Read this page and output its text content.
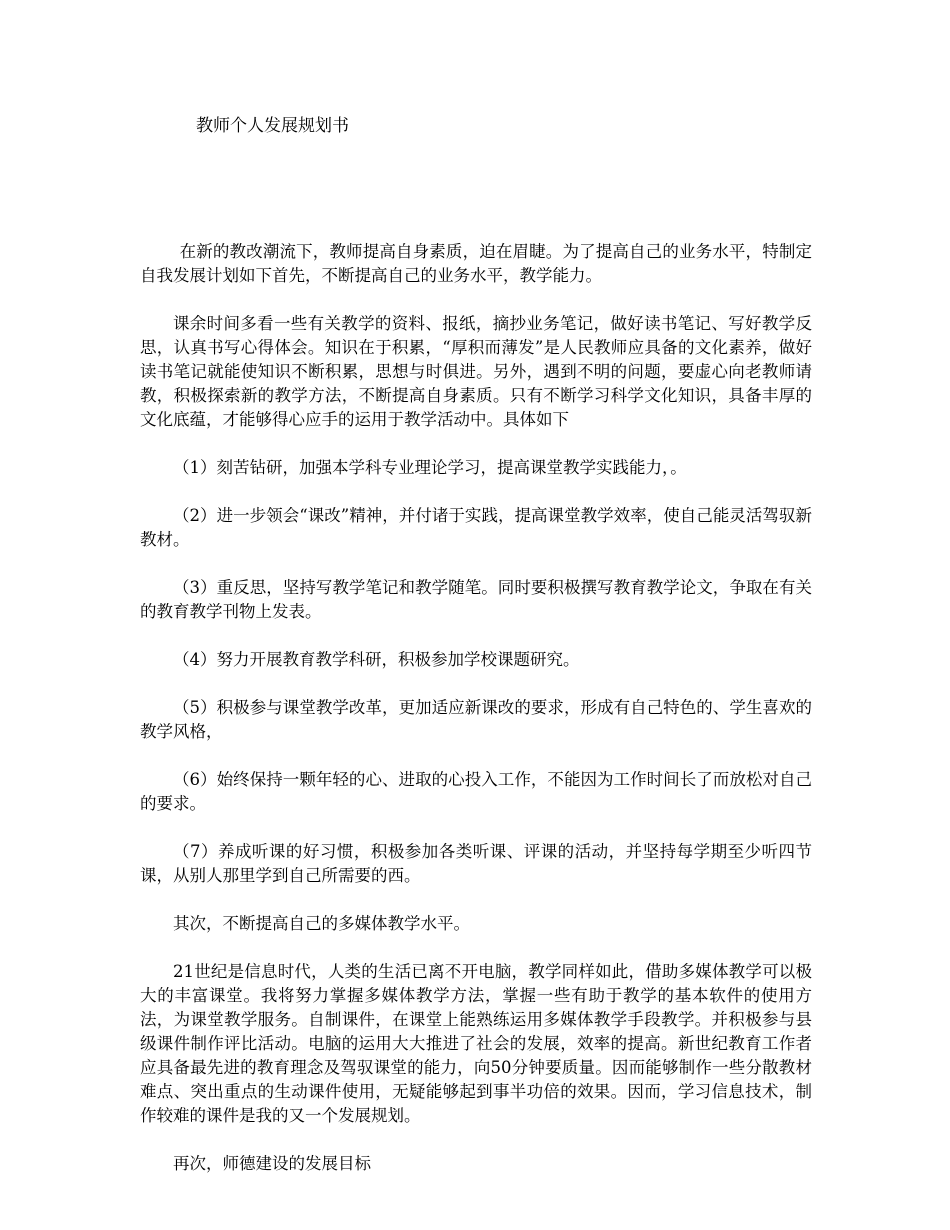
教师个人发展规划书

在新的教改潮流下，教师提高自身素质，迫在眉睫。为了提高自己的业务水平，特制定自我发展计划如下首先，不断提高自己的业务水平，教学能力。

课余时间多看一些有关教学的资料、报纸，摘抄业务笔记，做好读书笔记、写好教学反思，认真书写心得体会。知识在于积累，“厚积而薄发”是人民教师应具备的文化素养，做好读书笔记就能使知识不断积累，思想与时俱进。另外，遇到不明的问题，要虚心向老教师请教，积极探索新的教学方法，不断提高自身素质。只有不断学习科学文化知识，具备丰厚的文化底蕴，才能够得心应手的运用于教学活动中。具体如下

（1）刻苦钻研，加强本学科专业理论学习，提高课堂教学实践能力，。

（2）进一步领会“课改”精神，并付诸于实践，提高课堂教学效率，使自己能灵活驾驭新教材。

（3）重反思，坚持写教学笔记和教学随笔。同时要积极撰写教育教学论文，争取在有关的教育教学刊物上发表。

（4）努力开展教育教学科研，积极参加学校课题研究。

（5）积极参与课堂教学改革，更加适应新课改的要求，形成有自己特色的、学生喜欢的教学风格，

（6）始终保持一颗年轻的心、进取的心投入工作，不能因为工作时间长了而放松对自己的要求。

（7）养成听课的好习惯，积极参加各类听课、评课的活动，并坚持每学期至少听四节课，从别人那里学到自己所需要的西。

其次，不断提高自己的多媒体教学水平。

21世纪是信息时代，人类的生活已离不开电脑，教学同样如此，借助多媒体教学可以极大的丰富课堂。我将努力掌握多媒体教学方法，掌握一些有助于教学的基本软件的使用方法，为课堂教学服务。自制课件，在课堂上能熟练运用多媒体教学手段教学。并积极参与县级课件制作评比活动。电脑的运用大大推进了社会的发展，效率的提高。新世纪教育工作者应具备最先进的教育理念及驾驭课堂的能力，向50分钟要质量。因而能够制作一些分散教材难点、突出重点的生动课件使用，无疑能够起到事半功倍的效果。因而，学习信息技术，制作较难的课件是我的又一个发展规划。

再次，师德建设的发展目标
